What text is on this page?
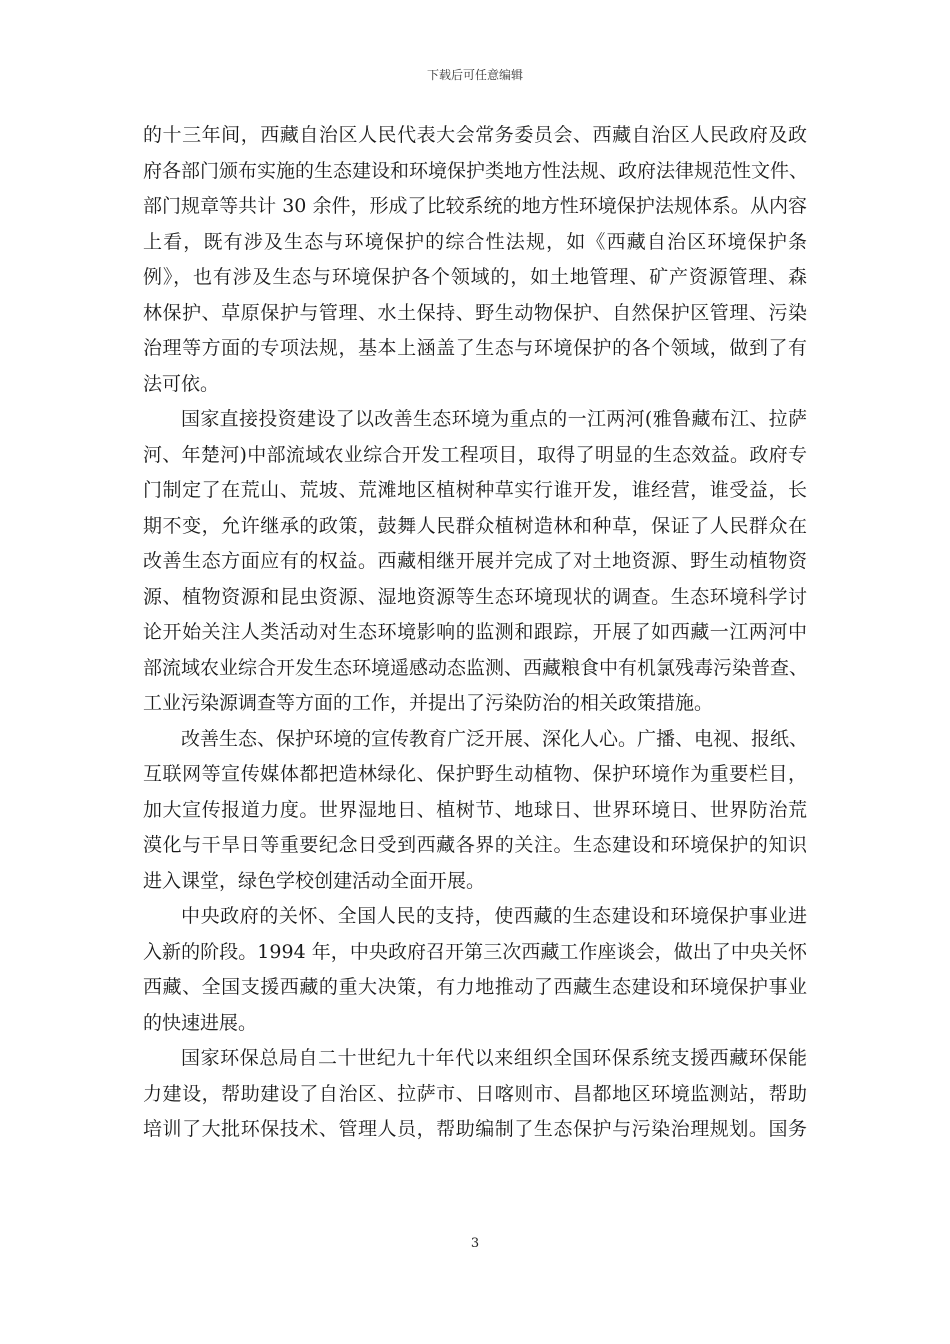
下载后可任意编辑
的十三年间，西藏自治区人民代表大会常务委员会、西藏自治区人民政府及政
府各部门颁布实施的生态建设和环境保护类地方性法规、政府法律规范性文件、
部门规章等共计 30 余件，形成了比较系统的地方性环境保护法规体系。从内容
上看，既有涉及生态与环境保护的综合性法规，如《西藏自治区环境保护条
例》，也有涉及生态与环境保护各个领域的，如土地管理、矿产资源管理、森
林保护、草原保护与管理、水土保持、野生动物保护、自然保护区管理、污染
治理等方面的专项法规，基本上涵盖了生态与环境保护的各个领域，做到了有
法可依。
国家直接投资建设了以改善生态环境为重点的一江两河(雅鲁藏布江、拉萨
河、年楚河)中部流域农业综合开发工程项目，取得了明显的生态效益。政府专
门制定了在荒山、荒坡、荒滩地区植树种草实行谁开发，谁经营，谁受益，长
期不变，允许继承的政策，鼓舞人民群众植树造林和种草，保证了人民群众在
改善生态方面应有的权益。西藏相继开展并完成了对土地资源、野生动植物资
源、植物资源和昆虫资源、湿地资源等生态环境现状的调查。生态环境科学讨
论开始关注人类活动对生态环境影响的监测和跟踪，开展了如西藏一江两河中
部流域农业综合开发生态环境遥感动态监测、西藏粮食中有机氯残毒污染普查、
工业污染源调查等方面的工作，并提出了污染防治的相关政策措施。
改善生态、保护环境的宣传教育广泛开展、深化人心。广播、电视、报纸、
互联网等宣传媒体都把造林绿化、保护野生动植物、保护环境作为重要栏目，
加大宣传报道力度。世界湿地日、植树节、地球日、世界环境日、世界防治荒
漠化与干旱日等重要纪念日受到西藏各界的关注。生态建设和环境保护的知识
进入课堂，绿色学校创建活动全面开展。
中央政府的关怀、全国人民的支持，使西藏的生态建设和环境保护事业进
入新的阶段。1994 年，中央政府召开第三次西藏工作座谈会，做出了中央关怀
西藏、全国支援西藏的重大决策，有力地推动了西藏生态建设和环境保护事业
的快速进展。
国家环保总局自二十世纪九十年代以来组织全国环保系统支援西藏环保能
力建设，帮助建设了自治区、拉萨市、日喀则市、昌都地区环境监测站，帮助
培训了大批环保技术、管理人员，帮助编制了生态保护与污染治理规划。国务
3
